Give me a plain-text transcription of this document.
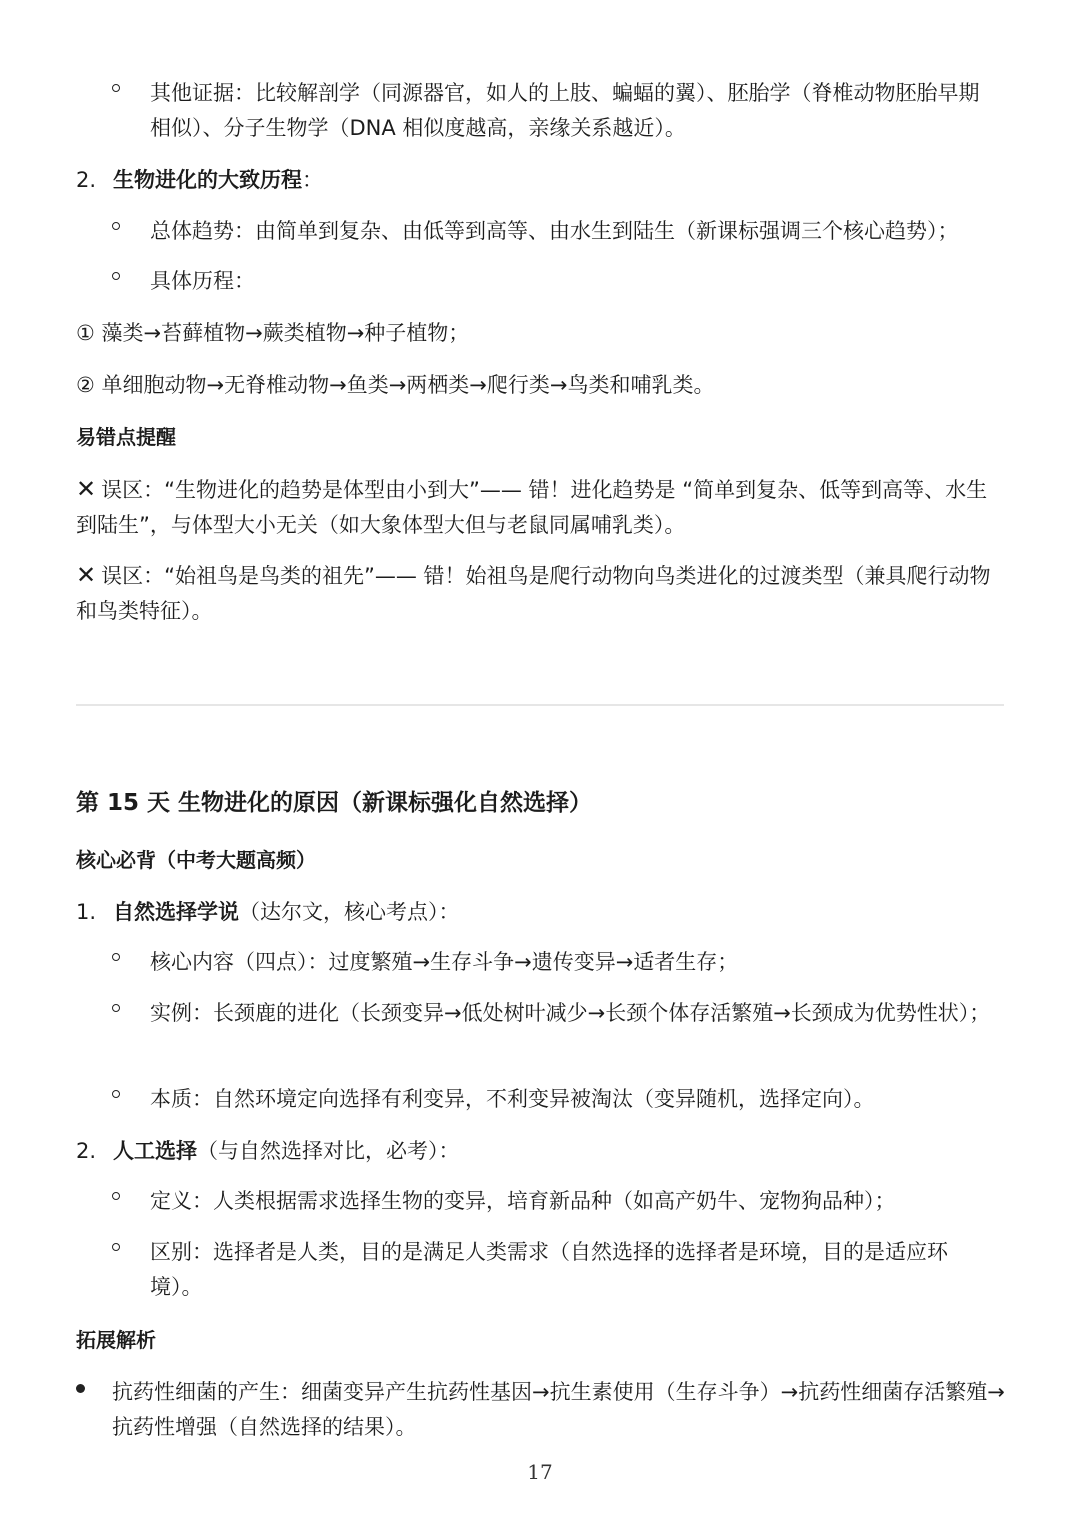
其他证据：比较解剖学（同源器官，如人的上肢、蝙蝠的翼）、胚胎学（脊椎动物胚胎早期相似）、分子生物学（DNA 相似度越高，亲缘关系越近）。
2. 生物进化的大致历程：
总体趋势：由简单到复杂、由低等到高等、由水生到陆生（新课标强调三个核心趋势）；
具体历程：
① 藻类→苔藓植物→蕨类植物→种子植物；
② 单细胞动物→无脊椎动物→鱼类→两栖类→爬行类→鸟类和哺乳类。
易错点提醒
✕ 误区：“生物进化的趋势是体型由小到大”—— 错！进化趋势是 “简单到复杂、低等到高等、水生到陆生”，与体型大小无关（如大象体型大但与老鼠同属哺乳类）。
✕ 误区：“始祖鸟是鸟类的祖先”—— 错！始祖鸟是爬行动物向鸟类进化的过渡类型（兼具爬行动物和鸟类特征）。
第 15 天 生物进化的原因（新课标强化自然选择）
核心必背（中考大题高频）
1. 自然选择学说（达尔文，核心考点）：
核心内容（四点）：过度繁殖→生存斗争→遗传变异→适者生存；
实例：长颈鹿的进化（长颈变异→低处树叶减少→长颈个体存活繁殖→长颈成为优势性状）；
本质：自然环境定向选择有利变异，不利变异被淘汰（变异随机，选择定向）。
2. 人工选择（与自然选择对比，必考）：
定义：人类根据需求选择生物的变异，培育新品种（如高产奶牛、宠物狗品种）；
区别：选择者是人类，目的是满足人类需求（自然选择的选择者是环境，目的是适应环境）。
拓展解析
抗药性细菌的产生：细菌变异产生抗药性基因→抗生素使用（生存斗争）→抗药性细菌存活繁殖→抗药性增强（自然选择的结果）。
17
